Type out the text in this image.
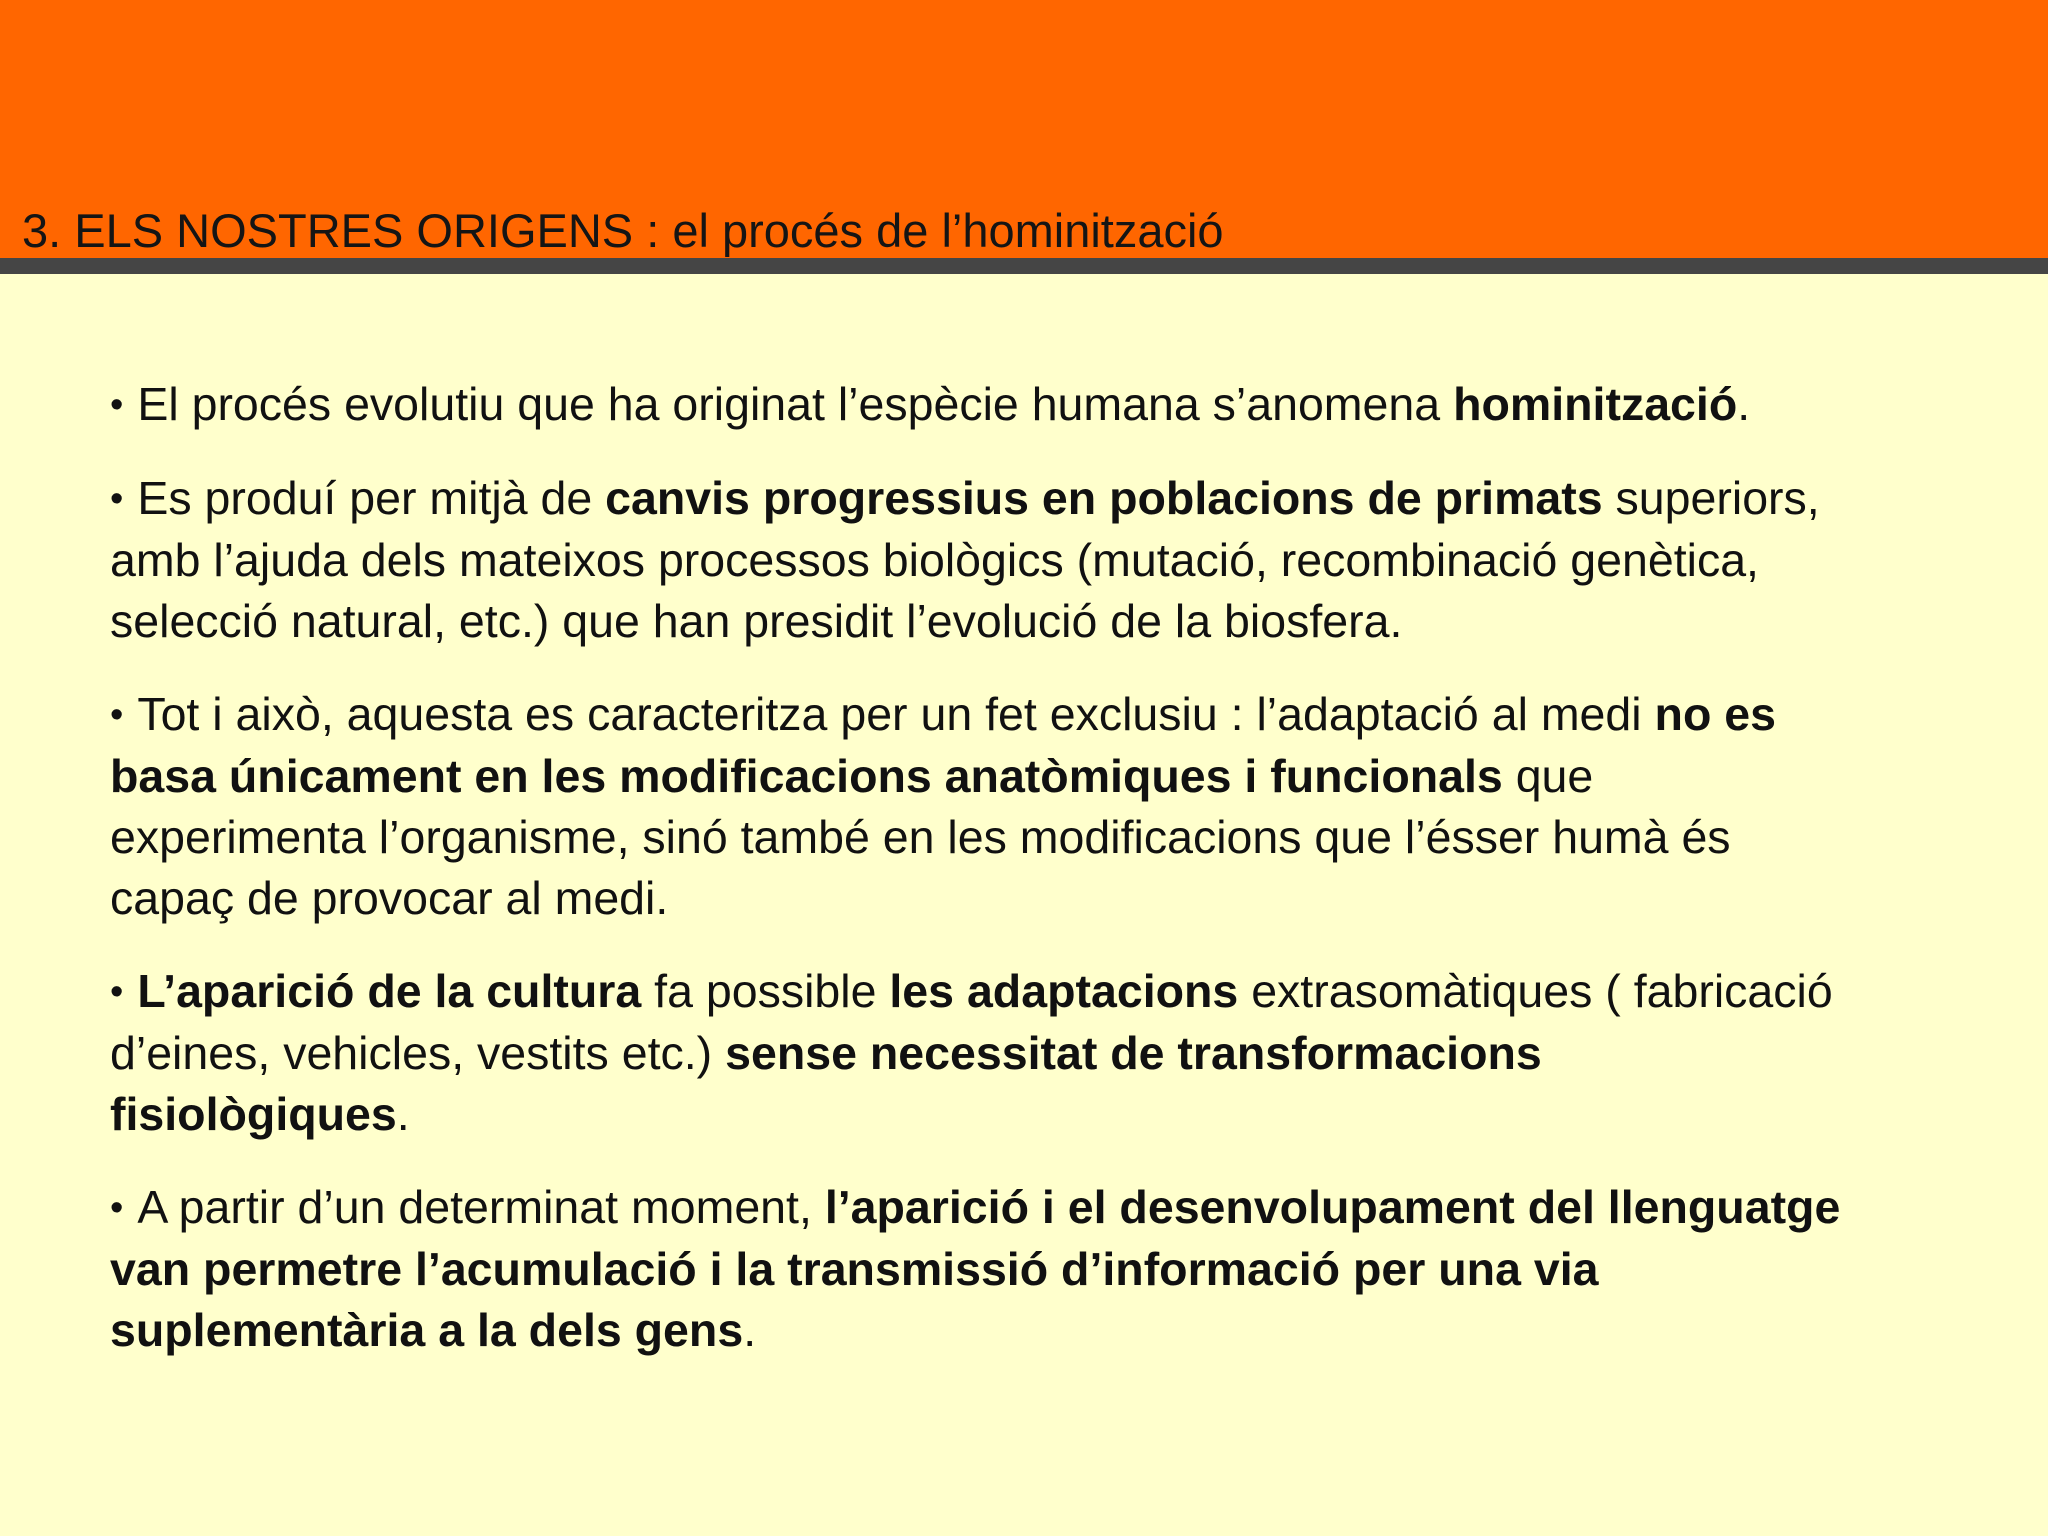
3. ELS NOSTRES ORIGENS : el procés de l’hominització
• El procés evolutiu que ha originat l’espècie humana s’anomena hominització.
• Es produí per mitjà de canvis progressius en poblacions de primats superiors,
amb l’ajuda dels mateixos processos biològics (mutació, recombinació genètica,
selecció natural, etc.) que han presidit l’evolució de la biosfera.
• Tot i això, aquesta es caracteritza per un fet exclusiu : l’adaptació al medi no es
basa únicament en les modificacions anatòmiques i funcionals que
experimenta l’organisme, sinó també en les modificacions que l’ésser humà és
capaç de provocar al medi.
• L’aparició de la cultura fa possible les adaptacions extrasomàtiques ( fabricació
d’eines, vehicles, vestits etc.) sense necessitat de transformacions
fisiològiques.
• A partir d’un determinat moment, l’aparició i el desenvolupament del llenguatge
van permetre l’acumulació i la transmissió d’informació per una via
suplementària a la dels gens.
